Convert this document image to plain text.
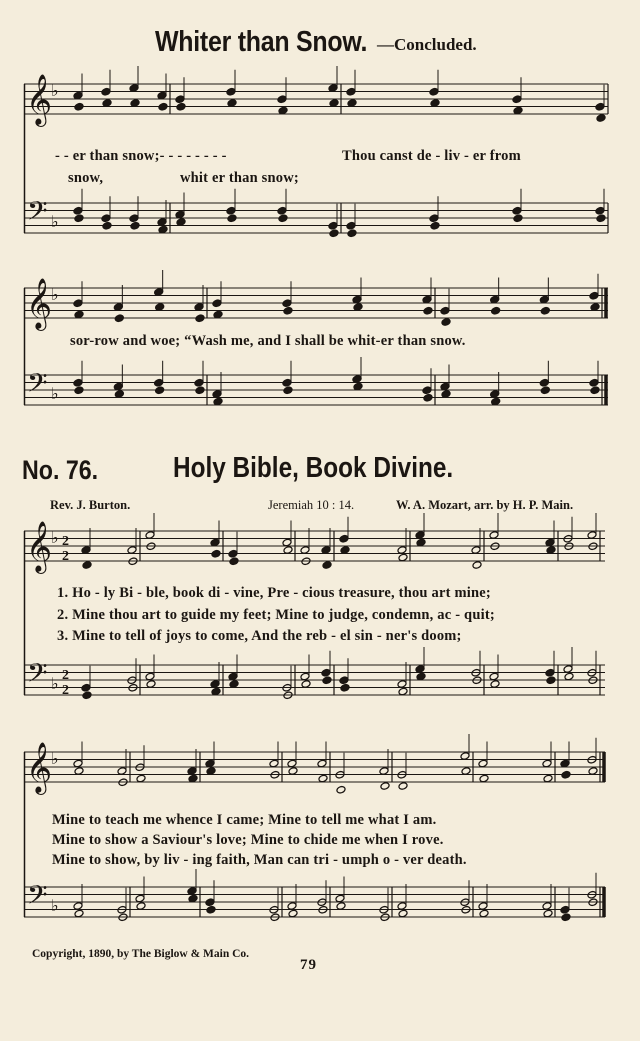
𝄞
𝄢
♭
♭
𝄞
𝄢
♭
♭
𝄞
𝄢
♭
♭
2
2
2
2
𝄞
𝄢
♭
♭
Whiter than Snow. —Concluded.
- - er than snow;- - - - - - - -	Thou canst de - liv - er from
snow,	whit er than snow;
sor-row and woe; “Wash me, and I shall be whit-er than snow.
No. 76.	Holy Bible, Book Divine.
Rev. J. Burton.	Jeremiah 10 : 14.	W. A. Mozart, arr. by H. P. Main.
1. Ho - ly Bi - ble, book di - vine, Pre - cious treasure, thou art mine;
2. Mine thou art to guide my feet; Mine to judge, condemn, ac - quit;
3. Mine to tell of joys to come, And the reb - el sin - ner's doom;
Mine to teach me whence I came; Mine to tell me what I am.
Mine to show a Saviour's love; Mine to chide me when I rove.
Mine to show, by liv - ing faith, Man can tri - umph o - ver death.
Copyright, 1890, by The Biglow & Main Co.
79
